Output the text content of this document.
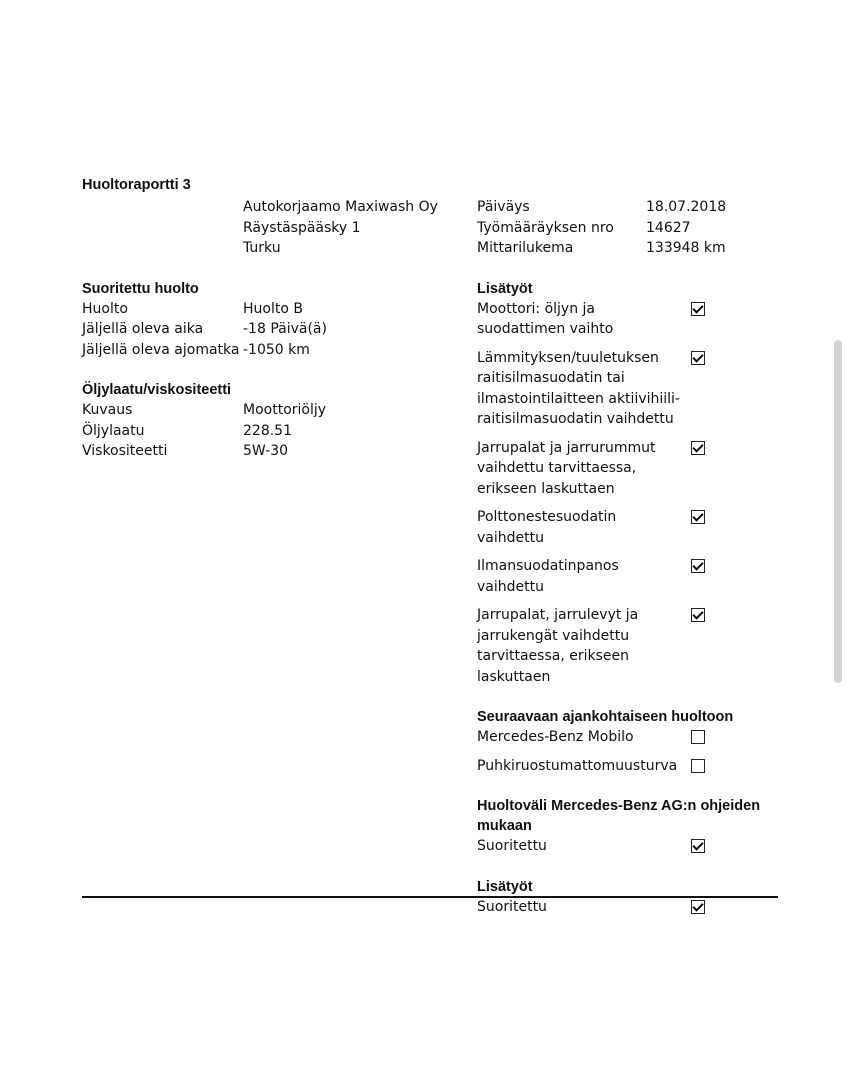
Huoltoraportti 3
Autokorjaamo Maxiwash Oy
Räystäspääsky 1
Turku
Suoritettu huolto
Huolto	Huolto B
Jäljellä oleva aika	-18 Päivä(ä)
Jäljellä oleva ajomatka -1050 km
Öljylaatu/viskositeetti
Kuvaus	Moottoriöljy
Öljylaatu	228.51
Viskositeetti	5W-30
Päiväys	18.07.2018
Työmääräyksen nro	14627
Mittarilukema	133948 km
Lisätyöt
Moottori: öljyn ja suodattimen vaihto
Lämmityksen/tuuletuksen raitisilmasuodatin tai ilmastointilaitteen aktiivihiili-raitisilmasuodatin vaihdettu
Jarrupalat ja jarrurummut vaihdettu tarvittaessa, erikseen laskuttaen
Polttonestesuodatin vaihdettu
Ilmansuodatinpanos vaihdettu
Jarrupalat, jarrulevyt ja jarrukengät vaihdettu tarvittaessa, erikseen laskuttaen
Seuraavaan ajankohtaiseen huoltoon
Mercedes-Benz Mobilo
Puhkiruostumattomuusturva
Huoltoväli Mercedes-Benz AG:n ohjeiden mukaan
Suoritettu
Lisätyöt
Suoritettu
